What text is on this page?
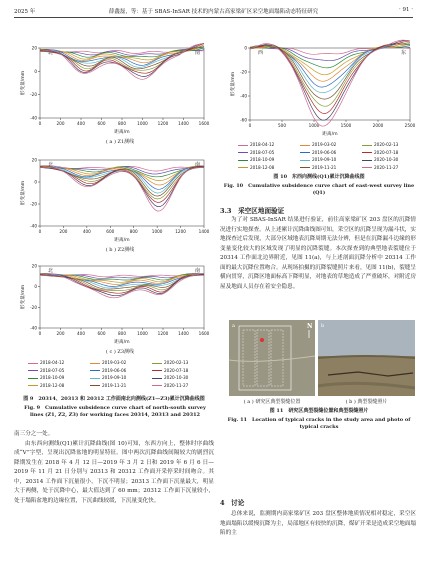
2025 年	薛鑫磊，等：基于 SBAS-InSAR 技术的内蒙古高家梁矿区采空地面塌陷动态特征研究	· 91 ·
0	200	400	600	800	1000 1200 1400 1600
-40
-20
0
20
距离/m
形变量/mm
北	南
( a ) Z1测线
0	200	400	600	800	1000	1200	1400
-40
-20
0
20
距离/m
形变量/mm
北	南
( b ) Z2测线
0	200	400	600	800	1000 1200 1400 1600
-40
-20
0
20
距离/m
形变量/mm
北	南
( c ) Z3测线
2018-04-12
2018-07-05
2018-10-09
2018-12-08
2019-03-02
2019-06-06
2019-09-10
2019-11-21
2020-02-13
2020-07-18
2020-10-30
2020-11-27
图 9　20314、20313 和 20312 工作面南北向测线(Z1—Z3)累计沉降曲线图
Fig. 9　Cumulative subsidence curve chart of north-south survey lines (Z1, Z2, Z3) for working faces 20314, 20313 and 20312

南三分之一处。

由东西向测线(Q1)累计沉降曲线(图 10)可知，东西方向上，整体时序曲线成“V”字型，呈现出沉降盆地的明显特征。图中两次沉降曲线间隔较大的剧烈沉降期发生在 2018 年 4 月 12 日—2019 年 3 月 2 日和 2019 年 6 月 6 日—2019 年 11 月 21 日分别与 20313 和 20312 工作面开采停采时间吻合。其中，20314 工作面下沉量很小，下沉不明显；20313 工作面下沉量最大，明显大于两侧，处于沉降中心，最大值达到了 60 mm；20312 工作面下沉量较小，处于塌陷盆地的边缘位置，下沉曲线较缓，下沉量变化快。

0	500	1000	1500	2000	2500
-60
-40
-20
0
距离/m
形变量/mm
西	东
2018-04-12
2018-07-05
2018-10-09
2018-12-08
2019-03-02
2019-06-06
2019-09-10
2019-11-21
2020-02-13
2020-07-18
2020-10-30
2020-11-27
图 10　东西向测线(Q1)累计沉降曲线图
Fig. 10　Cumulative subsidence curve chart of east-west survey line (Q1)
3.3　采空区地面验证

为了对 SBAS-InSAR 结果进行验证，前往高家梁矿区 203 盘区的沉降情况进行实地探查。从上述累计沉降曲线图可知，采空区的沉降呈现为漏斗状，实地探查过后发现，大部分区域地表沉降周期无法分辨，但是在沉降漏斗边缘的形变量变化较大的区域发现了明显的沉降裂缝。本次探查到的典型地表裂缝位于 20314 工作面北边界附近，见图 11(a)，与上述剖面沉降分析中 20314 工作面的最大沉降位置吻合。从现场拍摄的沉降裂缝照片来看，见图 11(b)，裂缝呈横向贯穿，沉降区地面标高下降明显，对地表的草地造成了严重破坏，对附近房屋及地面人员存在着安全隐患。

N
a	b
( a ) 研究区典型裂缝位置	( b ) 典型裂缝照片
图 11　研究区典型裂缝位置和典型裂缝照片
Fig. 11　Location of typical cracks in the study area and photo of typical cracks
4　讨论

总体来说，监测期内高家梁矿区 203 盘区整体地质情况相对稳定，采空区地面塌陷以缓慢沉降为主，局部地区有较快的沉降，煤矿开采是造成采空地面塌陷的主
